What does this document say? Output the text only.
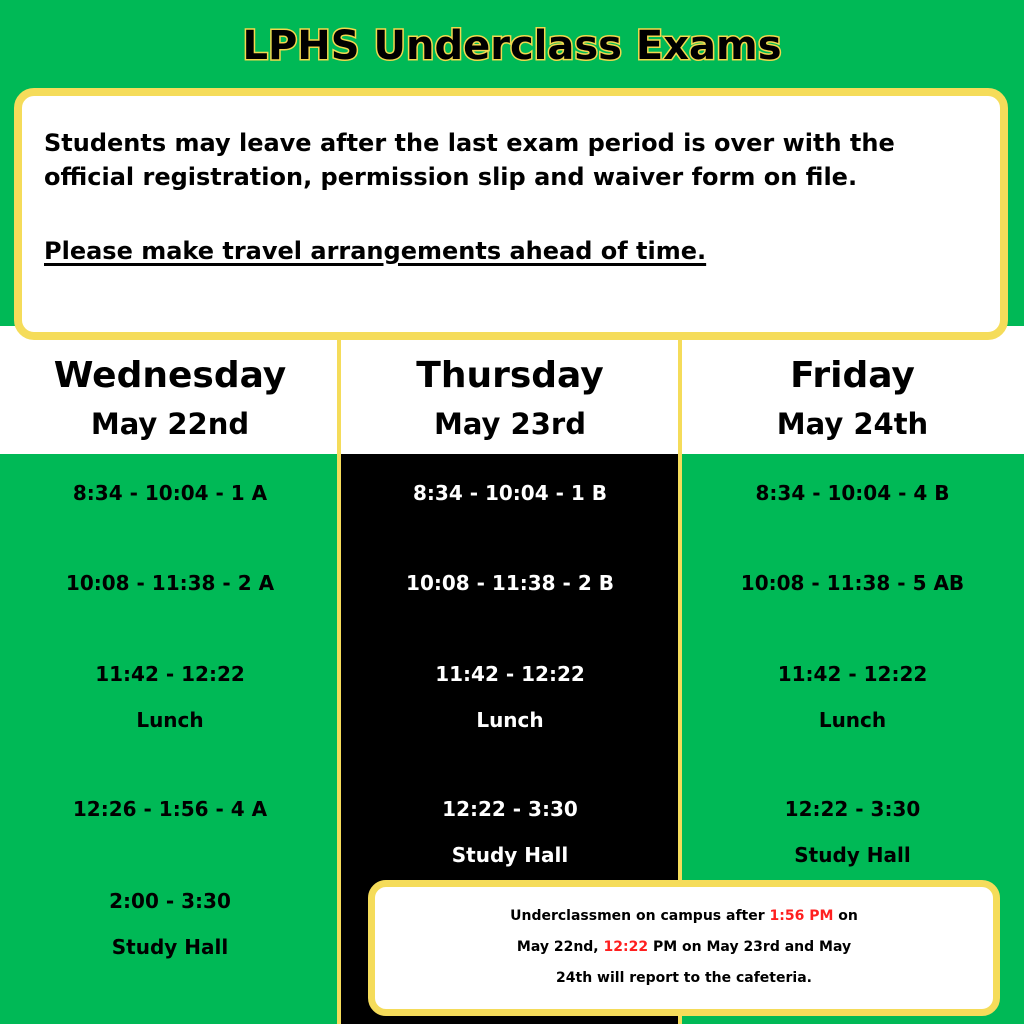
LPHS Underclass Exams
Students may leave after the last exam period is over with the
official registration, permission slip and waiver form on file.
Please make travel arrangements ahead of time.
Wednesday
May 22nd
Thursday
May 23rd
Friday
May 24th
8:34 - 10:04 - 1 A
10:08 - 11:38 - 2 A
11:42 - 12:22
Lunch
12:26 - 1:56 - 4 A
2:00 - 3:30
Study Hall
8:34 - 10:04 - 1 B
10:08 - 11:38 - 2 B
11:42 - 12:22
Lunch
12:22 - 3:30
Study Hall
8:34 - 10:04 - 4 B
10:08 - 11:38 - 5 AB
11:42 - 12:22
Lunch
12:22 - 3:30
Study Hall
Underclassmen on campus after 1:56 PM on
May 22nd, 12:22 PM on May 23rd and May
24th will report to the cafeteria.
